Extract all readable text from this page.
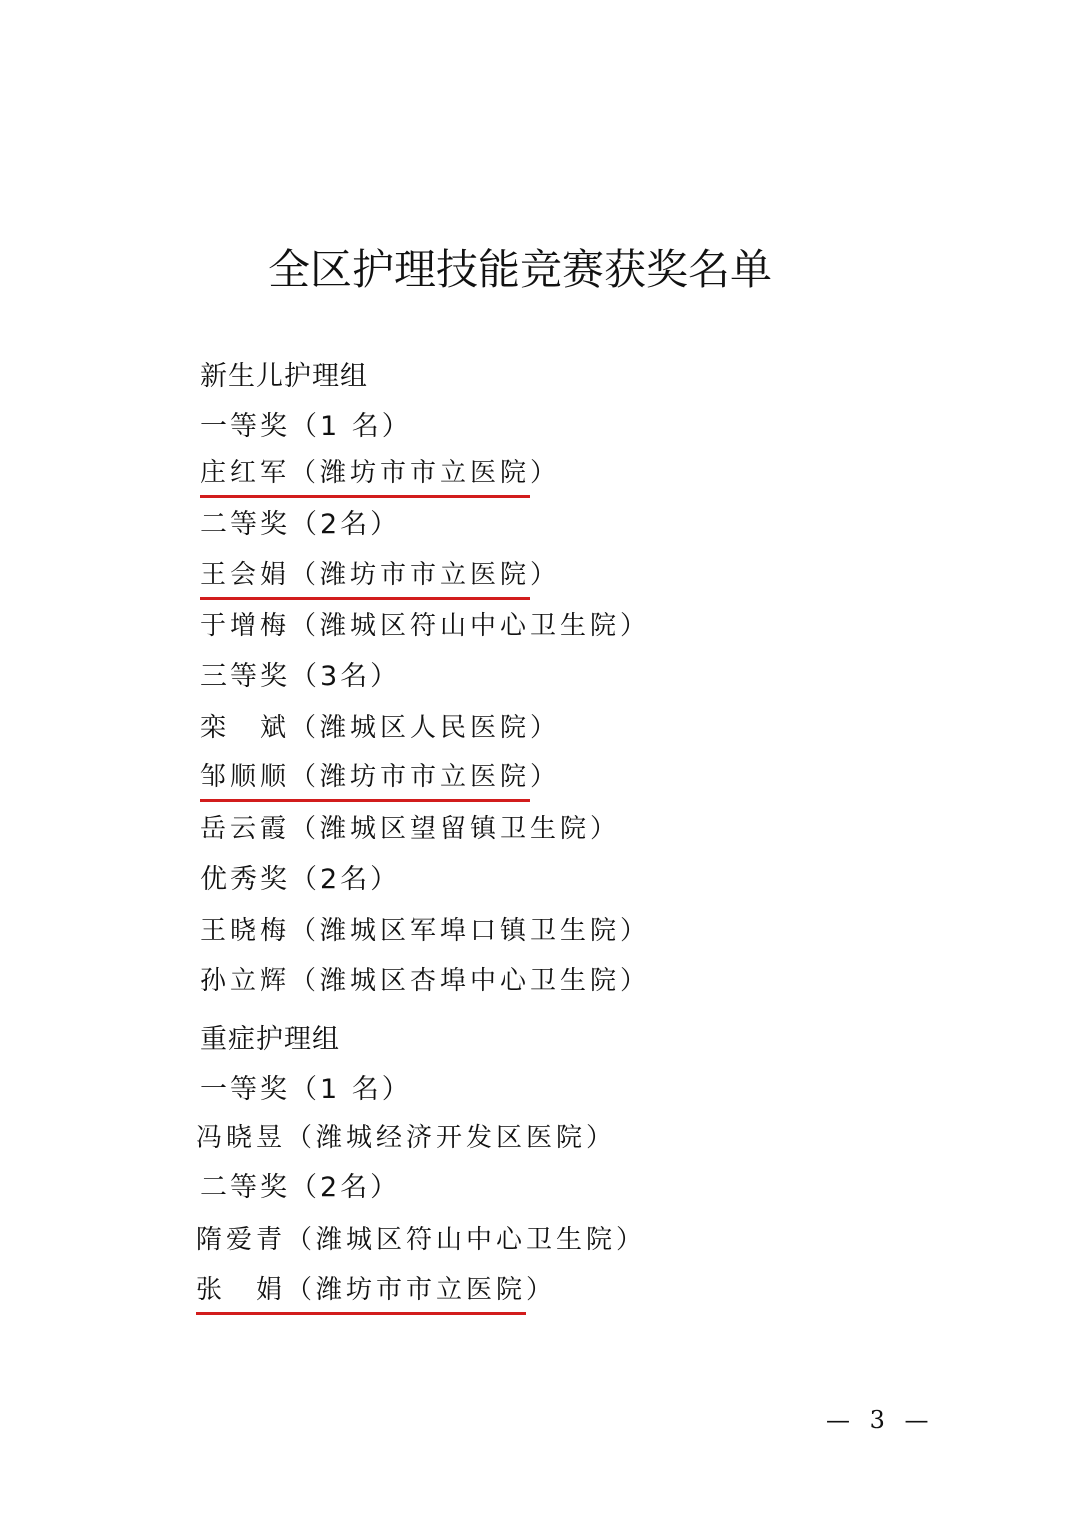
全区护理技能竞赛获奖名单
新生儿护理组
一等奖（1 名）
庄红军（潍坊市市立医院）
二等奖（2名）
王会娟（潍坊市市立医院）
于增梅（潍城区符山中心卫生院）
三等奖（3名）
栾　斌（潍城区人民医院）
邹顺顺（潍坊市市立医院）
岳云霞（潍城区望留镇卫生院）
优秀奖（2名）
王晓梅（潍城区军埠口镇卫生院）
孙立辉（潍城区杏埠中心卫生院）
重症护理组
一等奖（1 名）
冯晓昱（潍城经济开发区医院）
二等奖（2名）
隋爱青（潍城区符山中心卫生院）
张　娟（潍坊市市立医院）
— 3 —
